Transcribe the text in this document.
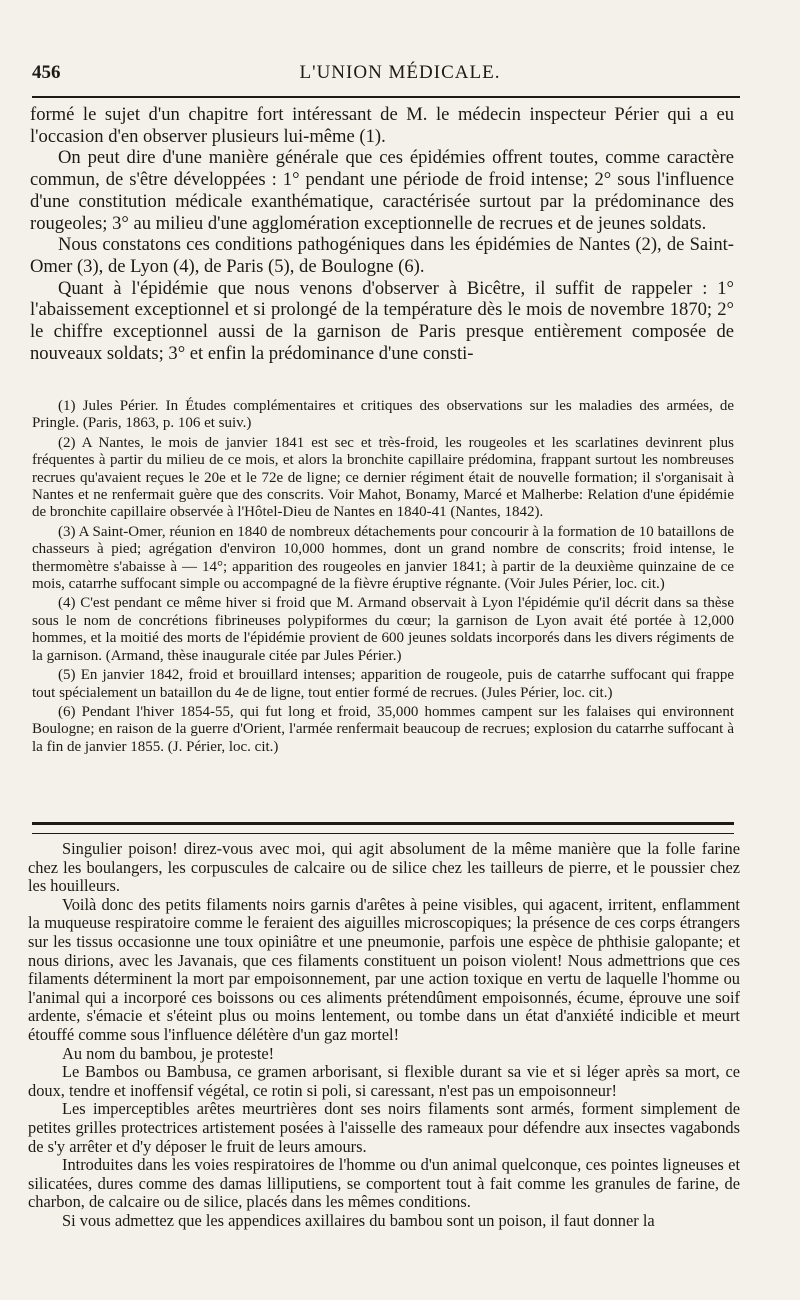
456	L'UNION MÉDICALE.

formé le sujet d'un chapitre fort intéressant de M. le médecin inspecteur Périer qui a eu l'occasion d'en observer plusieurs lui-même (1).

On peut dire d'une manière générale que ces épidémies offrent toutes, comme caractère commun, de s'être développées : 1° pendant une période de froid intense; 2° sous l'influence d'une constitution médicale exanthématique, caractérisée surtout par la prédominance des rougeoles; 3° au milieu d'une agglomération exceptionnelle de recrues et de jeunes soldats.

Nous constatons ces conditions pathogéniques dans les épidémies de Nantes (2), de Saint-Omer (3), de Lyon (4), de Paris (5), de Boulogne (6).

Quant à l'épidémie que nous venons d'observer à Bicêtre, il suffit de rappeler : 1° l'abaissement exceptionnel et si prolongé de la température dès le mois de novembre 1870; 2° le chiffre exceptionnel aussi de la garnison de Paris presque entièrement composée de nouveaux soldats; 3° et enfin la prédominance d'une consti-

(1) Jules Périer. In Études complémentaires et critiques des observations sur les maladies des armées, de Pringle. (Paris, 1863, p. 106 et suiv.)

(2) A Nantes, le mois de janvier 1841 est sec et très-froid, les rougeoles et les scarlatines devinrent plus fréquentes à partir du milieu de ce mois, et alors la bronchite capillaire prédomina, frappant surtout les nombreuses recrues qu'avaient reçues le 20e et le 72e de ligne; ce dernier régiment était de nouvelle formation; il s'organisait à Nantes et ne renfermait guère que des conscrits. Voir Mahot, Bonamy, Marcé et Malherbe: Relation d'une épidémie de bronchite capillaire observée à l'Hôtel-Dieu de Nantes en 1840-41 (Nantes, 1842).

(3) A Saint-Omer, réunion en 1840 de nombreux détachements pour concourir à la formation de 10 bataillons de chasseurs à pied; agrégation d'environ 10,000 hommes, dont un grand nombre de conscrits; froid intense, le thermomètre s'abaisse à — 14°; apparition des rougeoles en janvier 1841; à partir de la deuxième quinzaine de ce mois, catarrhe suffocant simple ou accompagné de la fièvre éruptive régnante. (Voir Jules Périer, loc. cit.)

(4) C'est pendant ce même hiver si froid que M. Armand observait à Lyon l'épidémie qu'il décrit dans sa thèse sous le nom de concrétions fibrineuses polypiformes du cœur; la garnison de Lyon avait été portée à 12,000 hommes, et la moitié des morts de l'épidémie provient de 600 jeunes soldats incorporés dans les divers régiments de la garnison. (Armand, thèse inaugurale citée par Jules Périer.)

(5) En janvier 1842, froid et brouillard intenses; apparition de rougeole, puis de catarrhe suffocant qui frappe tout spécialement un bataillon du 4e de ligne, tout entier formé de recrues. (Jules Périer, loc. cit.)

(6) Pendant l'hiver 1854-55, qui fut long et froid, 35,000 hommes campent sur les falaises qui environnent Boulogne; en raison de la guerre d'Orient, l'armée renfermait beaucoup de recrues; explosion du catarrhe suffocant à la fin de janvier 1855. (J. Périer, loc. cit.)

Singulier poison! direz-vous avec moi, qui agit absolument de la même manière que la folle farine chez les boulangers, les corpuscules de calcaire ou de silice chez les tailleurs de pierre, et le poussier chez les houilleurs.

Voilà donc des petits filaments noirs garnis d'arêtes à peine visibles, qui agacent, irritent, enflamment la muqueuse respiratoire comme le feraient des aiguilles microscopiques; la présence de ces corps étrangers sur les tissus occasionne une toux opiniâtre et une pneumonie, parfois une espèce de phthisie galopante; et nous dirions, avec les Javanais, que ces filaments constituent un poison violent! Nous admettrions que ces filaments déterminent la mort par empoisonnement, par une action toxique en vertu de laquelle l'homme ou l'animal qui a incorporé ces boissons ou ces aliments prétendûment empoisonnés, écume, éprouve une soif ardente, s'émacie et s'éteint plus ou moins lentement, ou tombe dans un état d'anxiété indicible et meurt étouffé comme sous l'influence délétère d'un gaz mortel!

Au nom du bambou, je proteste!

Le Bambos ou Bambusa, ce gramen arborisant, si flexible durant sa vie et si léger après sa mort, ce doux, tendre et inoffensif végétal, ce rotin si poli, si caressant, n'est pas un empoisonneur!

Les imperceptibles arêtes meurtrières dont ses noirs filaments sont armés, forment simplement de petites grilles protectrices artistement posées à l'aisselle des rameaux pour défendre aux insectes vagabonds de s'y arrêter et d'y déposer le fruit de leurs amours.

Introduites dans les voies respiratoires de l'homme ou d'un animal quelconque, ces pointes ligneuses et silicatées, dures comme des damas lilliputiens, se comportent tout à fait comme les granules de farine, de charbon, de calcaire ou de silice, placés dans les mêmes conditions.

Si vous admettez que les appendices axillaires du bambou sont un poison, il faut donner la
